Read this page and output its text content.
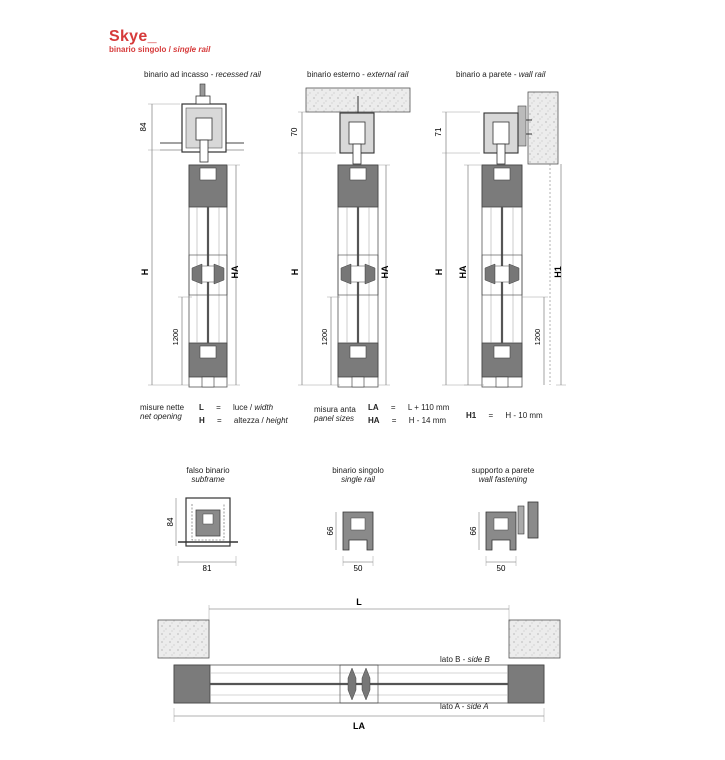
Skye_
binario singolo / single rail
binario ad incasso - recessed rail	binario esterno - external rail	binario a parete - wall rail
84
H	HA
1200
70
H	HA
1200
71
H HA	H1
1200
84
81
66
50
66
50
L
LA
misure nette
net opening
L = luce / width
H = altezza / height
misura anta
panel sizes
LA = L + 110 mm
HA = H - 14 mm
H1 = H - 10 mm
falso binario
subframe
binario singolo
single rail
supporto a parete
wall fastening
lato B - side B
lato A - side A
